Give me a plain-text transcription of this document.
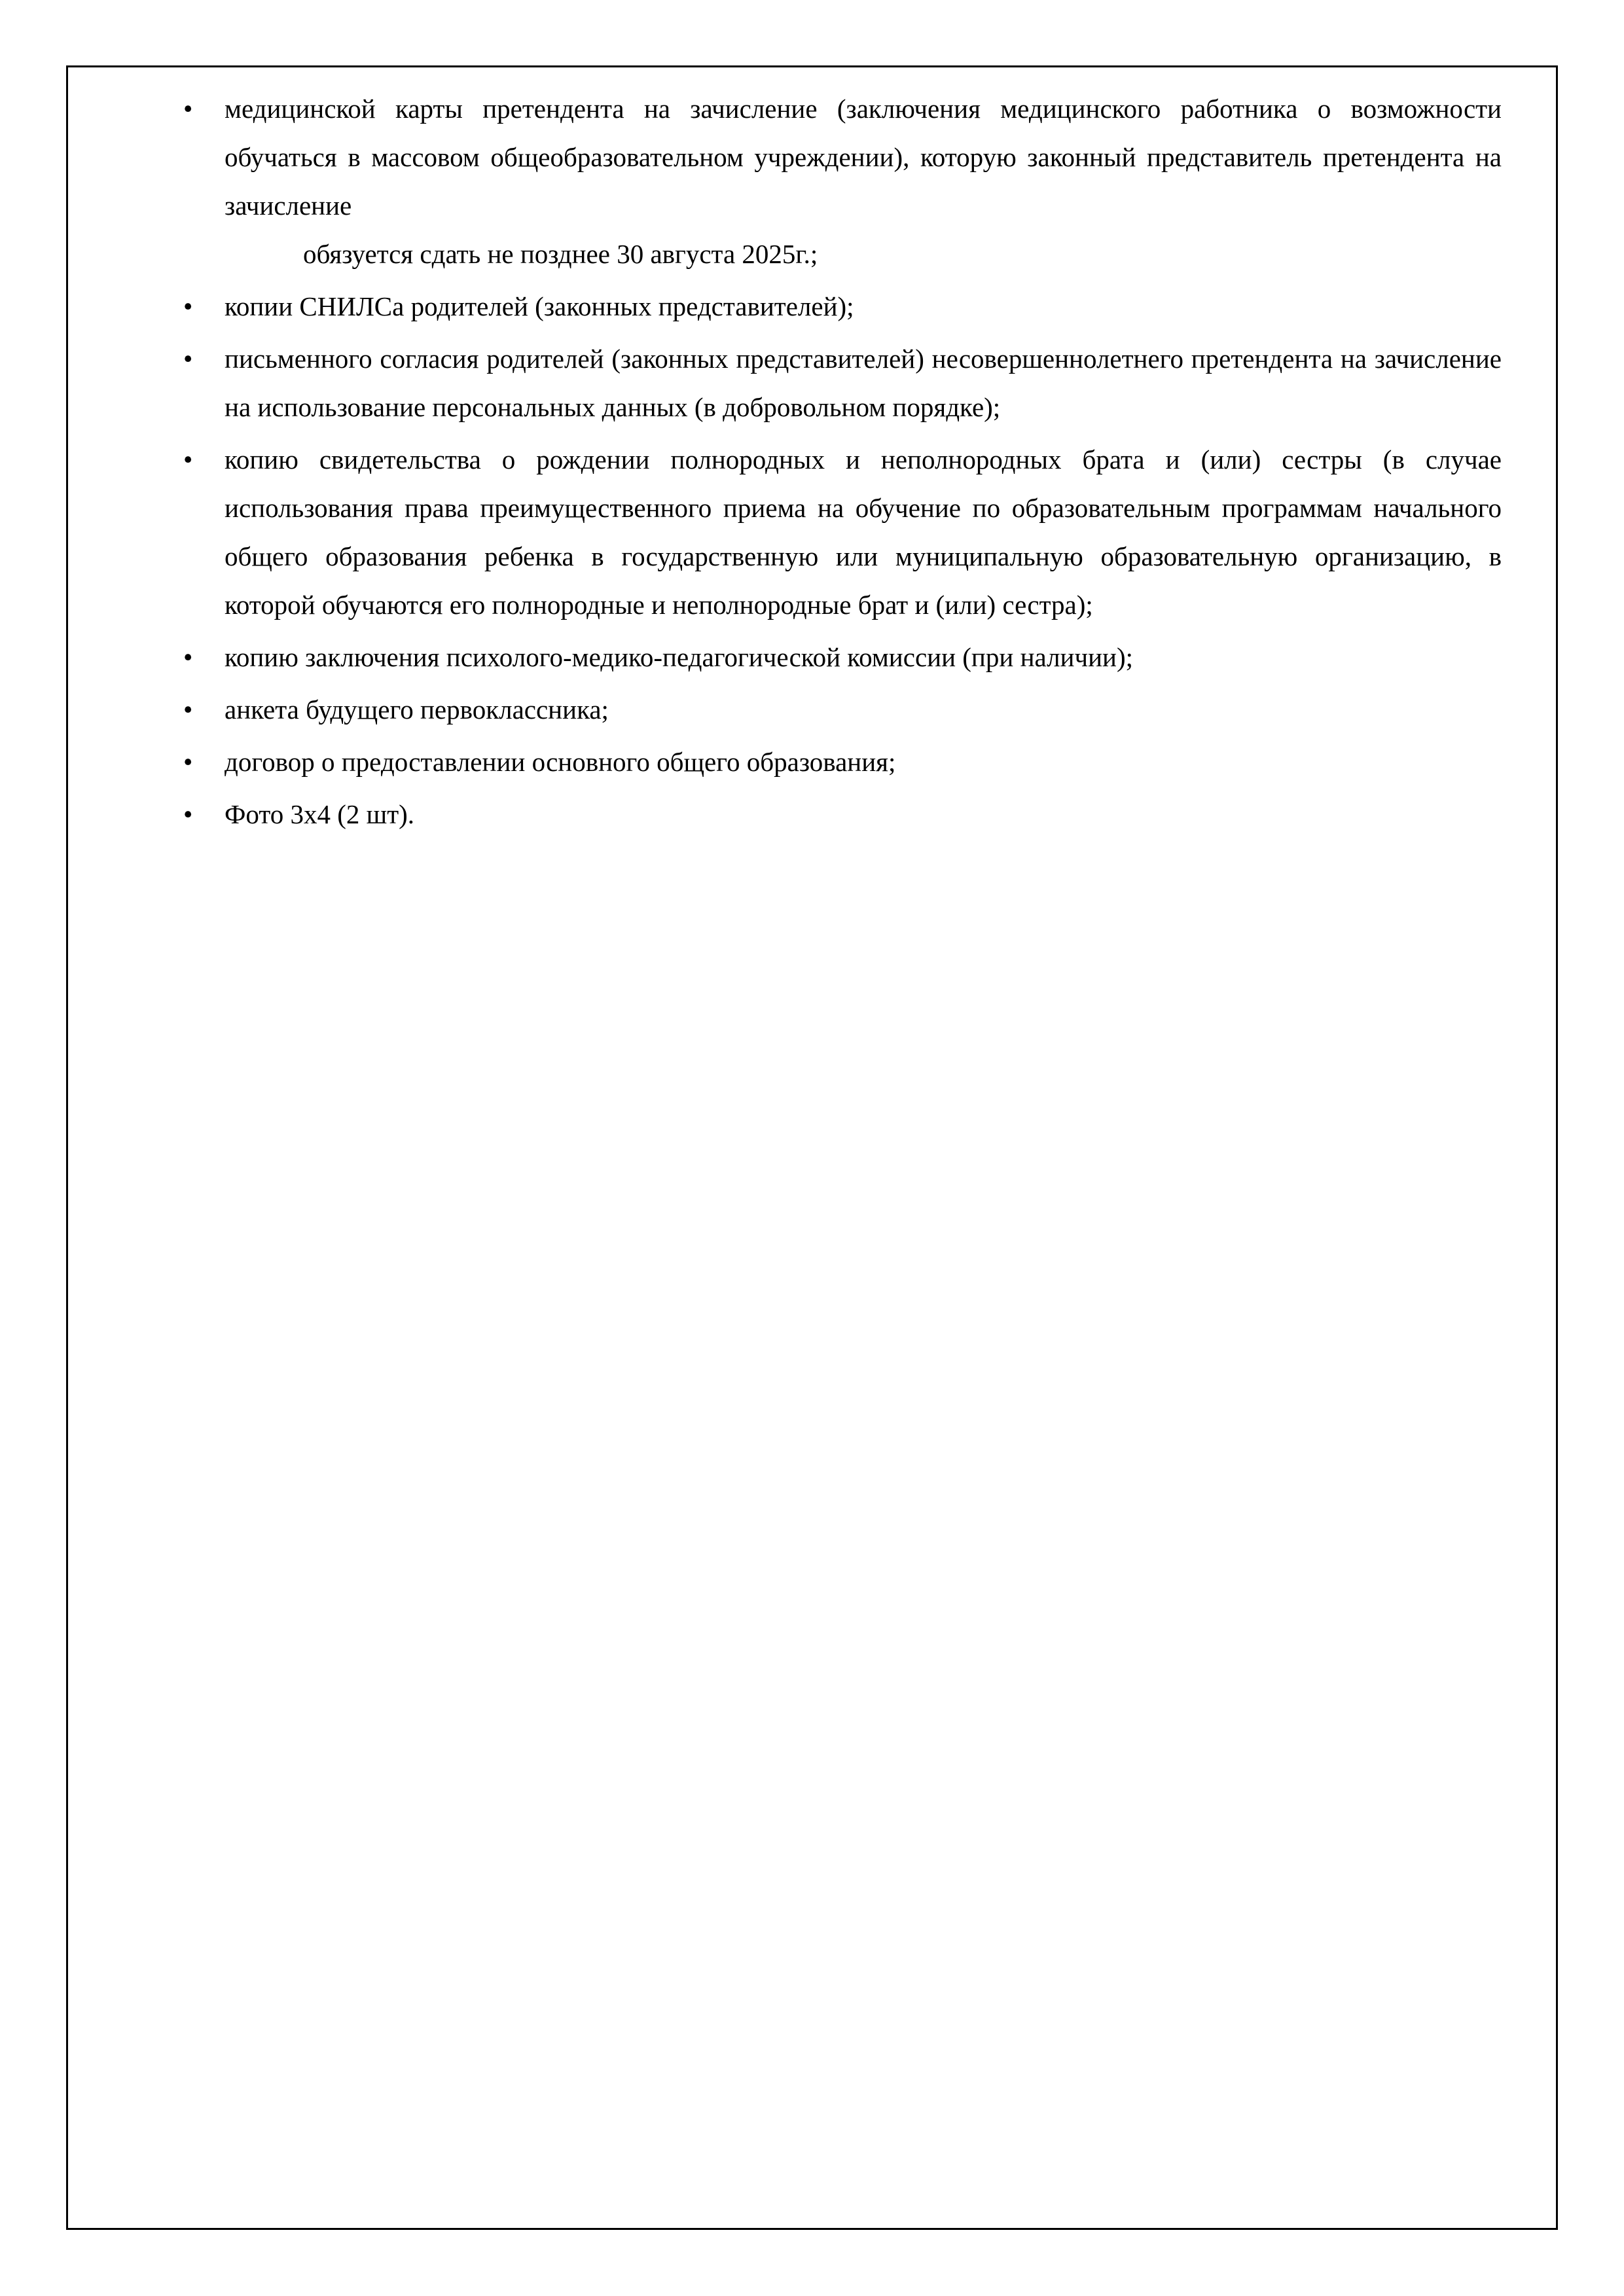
• медицинской карты претендента на зачисление (заключения медицинского работника о возможности обучаться в массовом общеобразовательном учреждении), которую законный представитель претендента на зачисление
обязуется сдать не позднее 30 августа 2025г.;
• копии СНИЛСа родителей (законных представителей);
• письменного согласия родителей (законных представителей) несовершеннолетнего претендента на зачисление на использование персональных данных (в добровольном порядке);
• копию свидетельства о рождении полнородных и неполнородных брата и (или) сестры (в случае использования права преимущественного приема на обучение по образовательным программам начального общего образования ребенка в государственную или муниципальную образовательную организацию, в которой обучаются его полнородные и неполнородные брат и (или) сестра);
• копию заключения психолого-медико-педагогической комиссии (при наличии);
• анкета будущего первоклассника;
• договор о предоставлении основного общего образования;
• Фото 3х4 (2 шт).
